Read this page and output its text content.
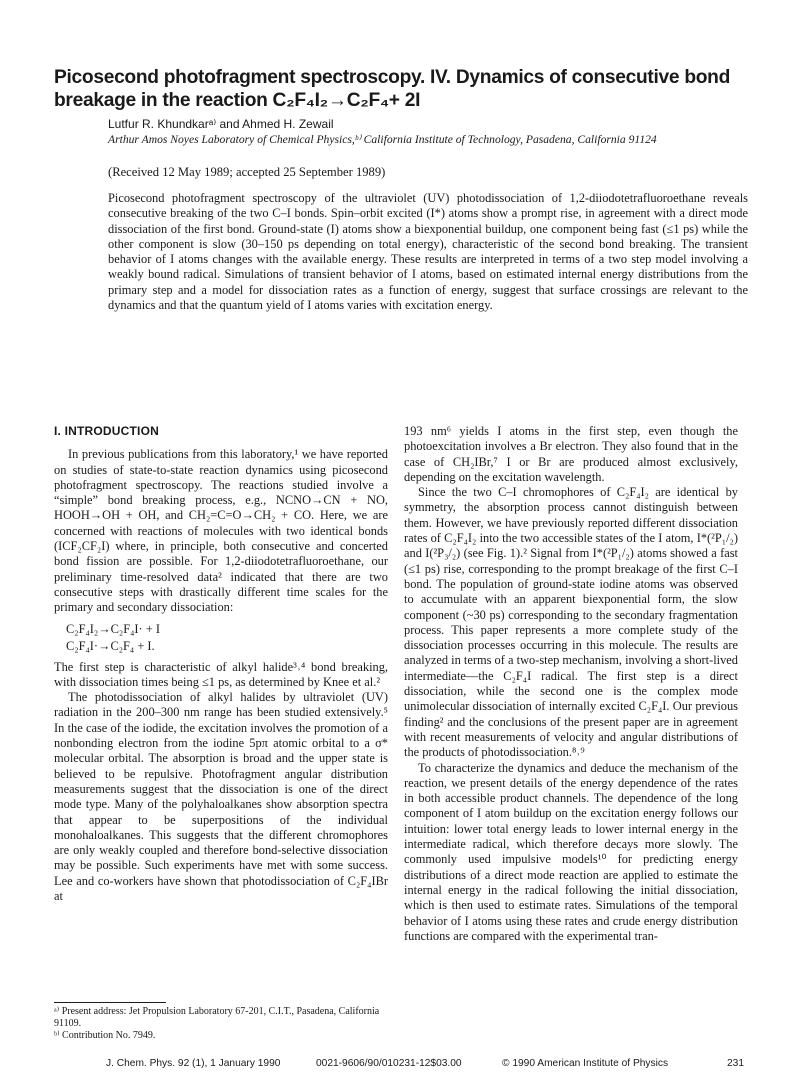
Picosecond photofragment spectroscopy. IV. Dynamics of consecutive bond breakage in the reaction C₂F₄I₂→C₂F₄+ 2I

Lutfur R. Khundkarᵃ⁾ and Ahmed H. Zewail

Arthur Amos Noyes Laboratory of Chemical Physics,ᵇ⁾ California Institute of Technology, Pasadena, California 91124

(Received 12 May 1989; accepted 25 September 1989)

Picosecond photofragment spectroscopy of the ultraviolet (UV) photodissociation of 1,2-diiodotetrafluoroethane reveals consecutive breaking of the two C–I bonds. Spin–orbit excited (I*) atoms show a prompt rise, in agreement with a direct mode dissociation of the first bond. Ground-state (I) atoms show a biexponential buildup, one component being fast (≤1 ps) while the other component is slow (30–150 ps depending on total energy), characteristic of the second bond breaking. The transient behavior of I atoms changes with the available energy. These results are interpreted in terms of a two step model involving a weakly bound radical. Simulations of transient behavior of I atoms, based on estimated internal energy distributions from the primary step and a model for dissociation rates as a function of energy, suggest that surface crossings are relevant to the dynamics and that the quantum yield of I atoms varies with excitation energy.

I. INTRODUCTION

In previous publications from this laboratory,¹ we have reported on studies of state-to-state reaction dynamics using picosecond photofragment spectroscopy. The reactions studied involve a “simple” bond breaking process, e.g., NCNO→CN + NO, HOOH→OH + OH, and CH₂=C=O→CH₂ + CO. Here, we are concerned with reactions of molecules with two identical bonds (ICF₂CF₂I) where, in principle, both consecutive and concerted bond fission are possible. For 1,2-diiodotetrafluoroethane, our preliminary time-resolved data² indicated that there are two consecutive steps with drastically different time scales for the primary and secondary dissociation:

C₂F₄I₂→C₂F₄I· + I
C₂F₄I·→C₂F₄ + I.

The first step is characteristic of alkyl halide³˒⁴ bond breaking, with dissociation times being ≤1 ps, as determined by Knee et al.²

The photodissociation of alkyl halides by ultraviolet (UV) radiation in the 200–300 nm range has been studied extensively.⁵ In the case of the iodide, the excitation involves the promotion of a nonbonding electron from the iodine 5pπ atomic orbital to a σ* molecular orbital. The absorption is broad and the upper state is believed to be repulsive. Photofragment angular distribution measurements suggest that the dissociation is one of the direct mode type. Many of the polyhaloalkanes show absorption spectra that appear to be superpositions of the individual monohaloalkanes. This suggests that the different chromophores are only weakly coupled and therefore bond-selective dissociation may be possible. Such experiments have met with some success. Lee and co-workers have shown that photodissociation of C₂F₄IBr at

193 nm⁶ yields I atoms in the first step, even though the photoexcitation involves a Br electron. They also found that in the case of CH₂IBr,⁷ I or Br are produced almost exclusively, depending on the excitation wavelength.

Since the two C–I chromophores of C₂F₄I₂ are identical by symmetry, the absorption process cannot distinguish between them. However, we have previously reported different dissociation rates of C₂F₄I₂ into the two accessible states of the I atom, I*(²P₁/₂) and I(²P₃/₂) (see Fig. 1).² Signal from I*(²P₁/₂) atoms showed a fast (≤1 ps) rise, corresponding to the prompt breakage of the first C–I bond. The population of ground-state iodine atoms was observed to accumulate with an apparent biexponential form, the slow component (~30 ps) corresponding to the secondary fragmentation process. This paper represents a more complete study of the dissociation processes occurring in this molecule. The results are analyzed in terms of a two-step mechanism, involving a short-lived intermediate—the C₂F₄I radical. The first step is a direct dissociation, while the second one is the complex mode unimolecular dissociation of internally excited C₂F₄I. Our previous finding² and the conclusions of the present paper are in agreement with recent measurements of velocity and angular distributions of the products of photodissociation.⁸˒⁹

To characterize the dynamics and deduce the mechanism of the reaction, we present details of the energy dependence of the rates in both accessible product channels. The dependence of the long component of I atom buildup on the excitation energy follows our intuition: lower total energy leads to lower internal energy in the intermediate radical, which therefore decays more slowly. The commonly used impulsive models¹⁰ for predicting energy distributions of a direct mode reaction are applied to estimate the internal energy in the radical following the initial dissociation, which is then used to estimate rates. Simulations of the temporal behavior of I atoms using these rates and crude energy distribution functions are compared with the experimental tran-

ᵃ⁾ Present address: Jet Propulsion Laboratory 67-201, C.I.T., Pasadena, California 91109.
ᵇ⁾ Contribution No. 7949.
J. Chem. Phys. 92 (1), 1 January 1990	0021-9606/90/010231-12$03.00	© 1990 American Institute of Physics	231
